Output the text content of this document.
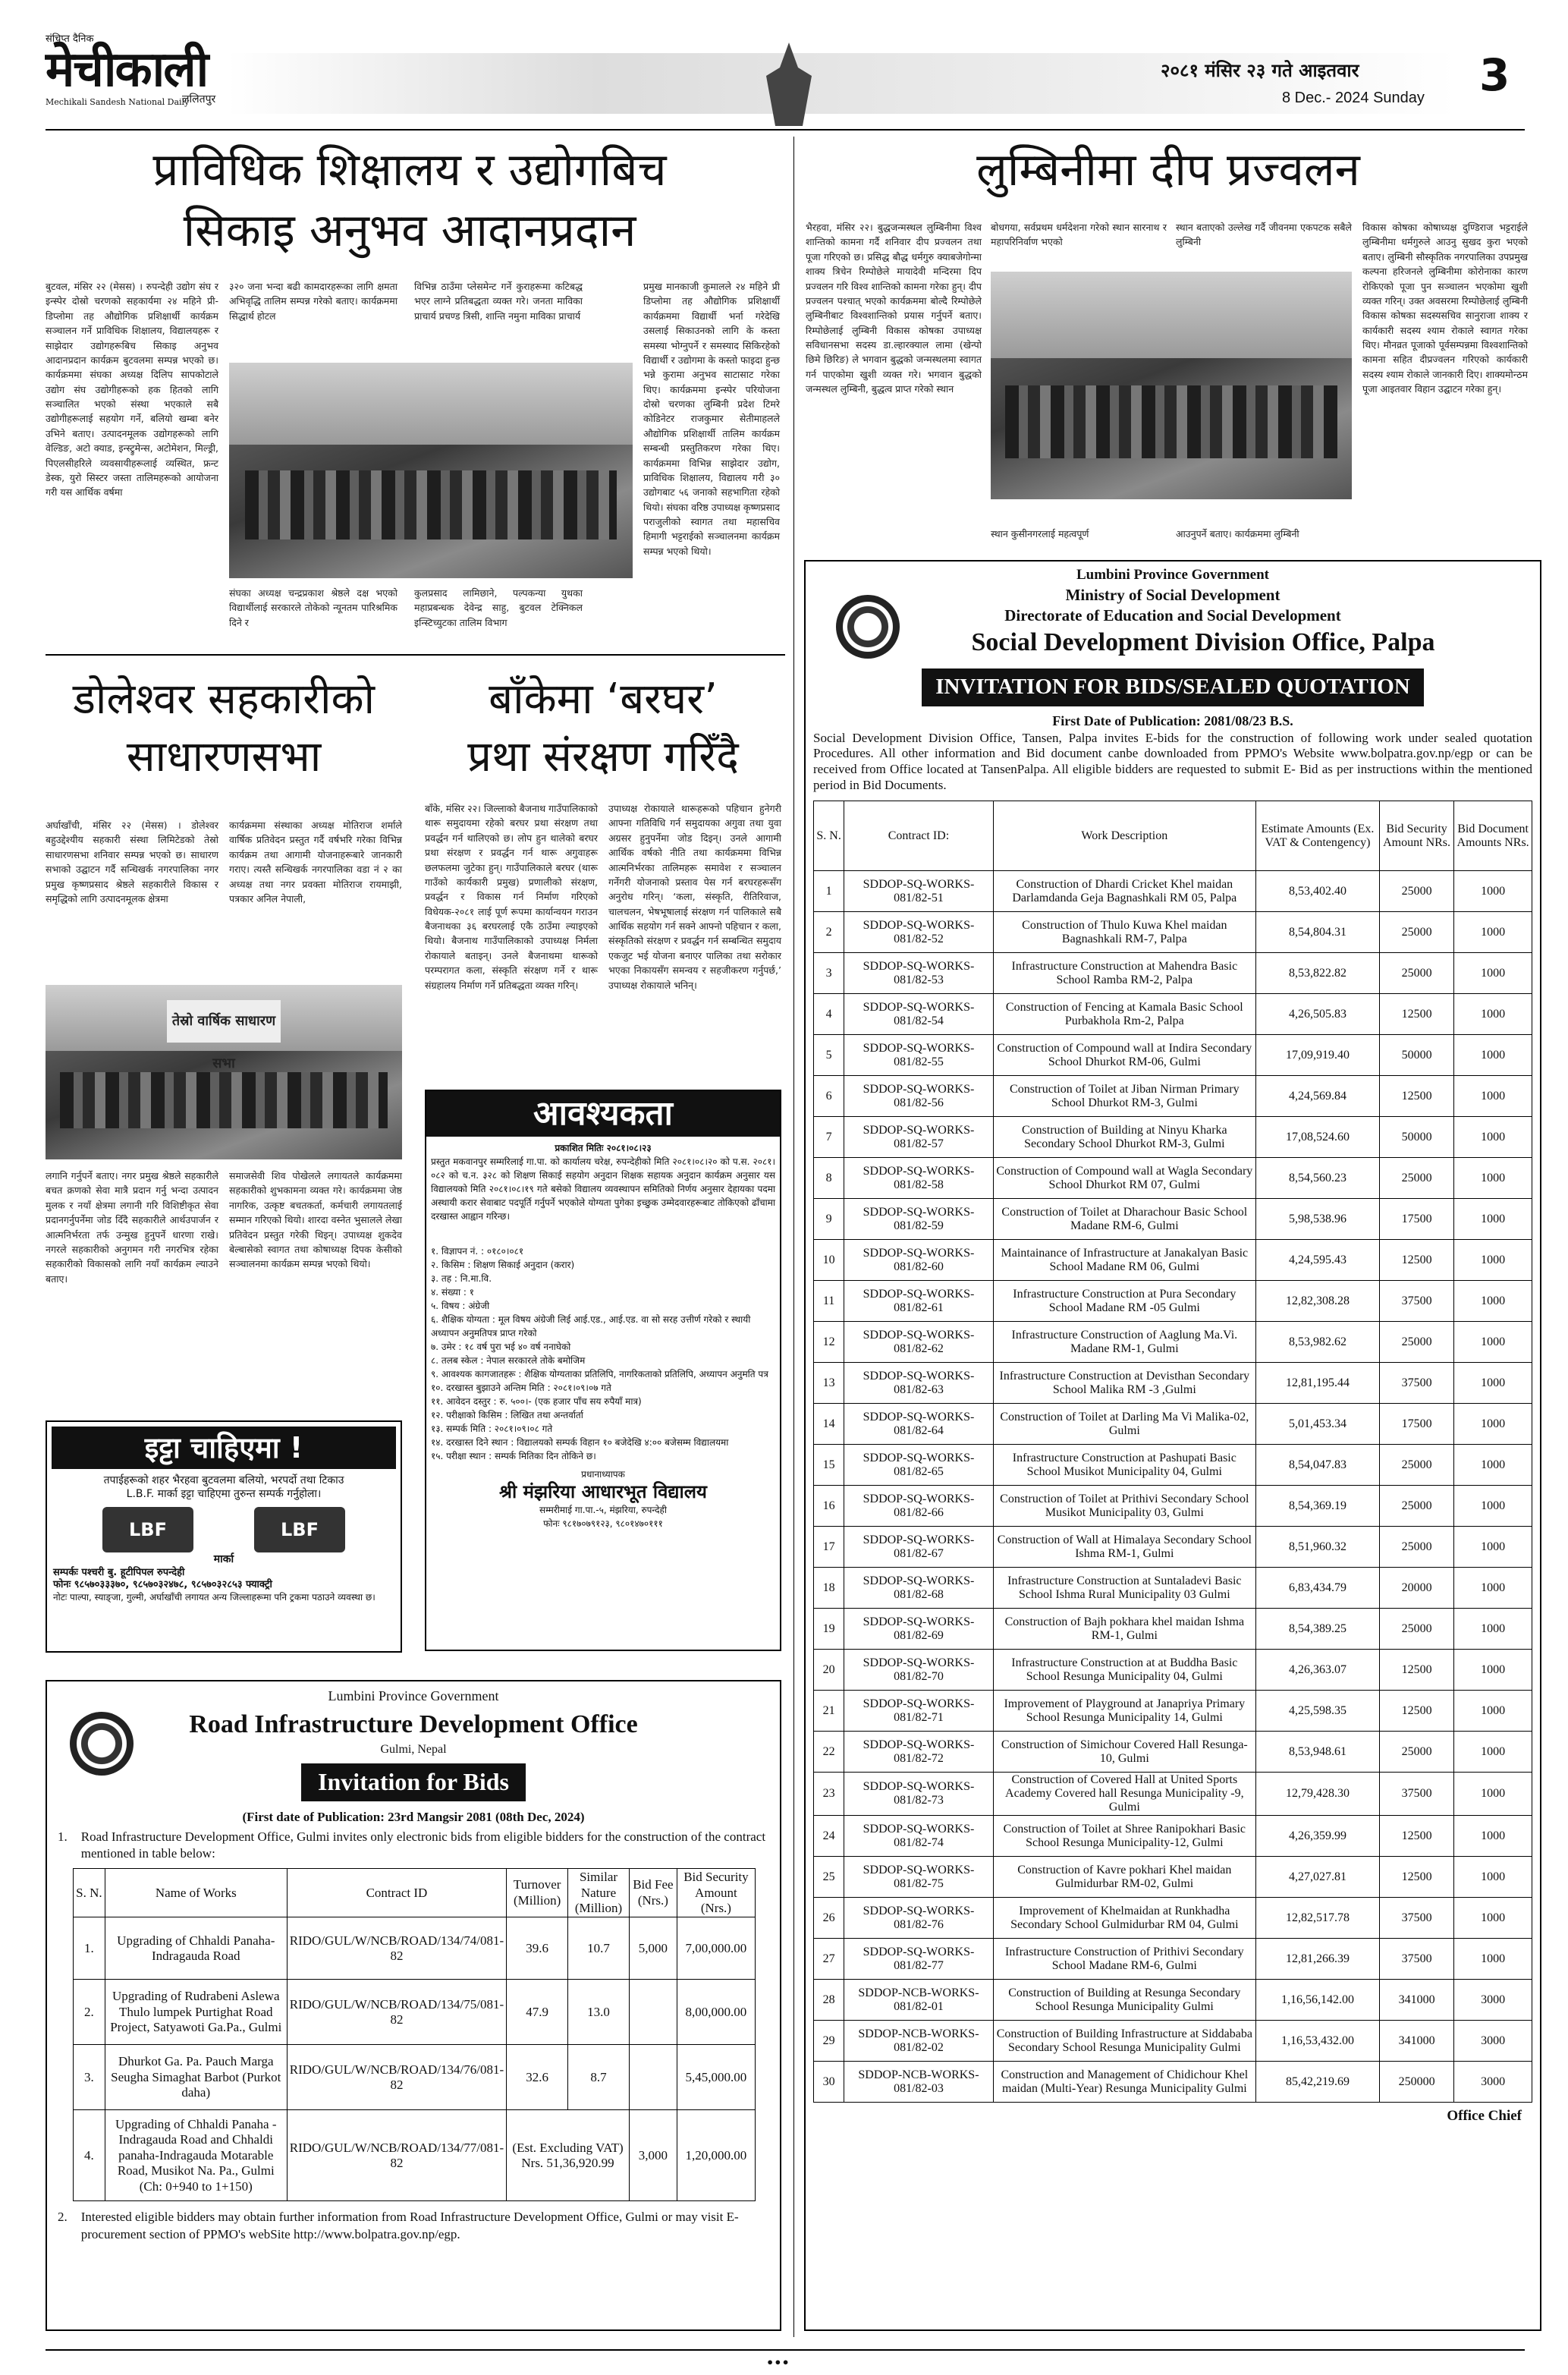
संचिप्त दैनिक
मेचीकाली
Mechikali Sandesh National Daily
ललितपुर
२०८१ मंसिर २३ गते आइतवार
8 Dec.- 2024 Sunday 3
प्राविधिक शिक्षालय र उद्योगबिच
सिकाइ अनुभव आदानप्रदान
बुटवल, मंसिर २२ (मेसस) । रुपन्देही उद्योग संघ र इन्स्पेर दोस्रो चरणको सहकार्यमा २४ महिने प्री-डिप्लोमा तह औद्योगिक प्रशिक्षार्थी कार्यक्रम सञ्चालन गर्ने प्राविधिक शिक्षालय, विद्यालयहरू र साझेदार उद्योगहरूबिच सिकाइ अनुभव आदानप्रदान कार्यक्रम बुटवलमा सम्पन्न भएको छ। कार्यक्रममा संघका अध्यक्ष दिलिप सापकोटाले उद्योग संघ उद्योगीहरूको हक हितको लागि सञ्चालित भएको संस्था भएकाले सबै उद्योगीहरूलाई सहयोग गर्ने, बलियो खम्बा बनेर उभिने बताए। उत्पादनमूलक उद्योगहरूको लागि वेल्डिङ, अटो क्याड, इन्स्ट्रुमेन्स, अटोमेशन, मिल्ड्री, पिएलसीहरिले व्यवसायीहरूलाई व्यस्थित, फ्रन्ट डेस्क, युरो सिस्टर जस्ता तालिमहरूको आयोजना गरी यस आर्थिक वर्षमा
३२० जना भन्दा बढी कामदारहरूका लागि क्षमता अभिवृद्धि तालिम सम्पन्न गरेको बताए। कार्यक्रममा सिद्धार्थ होटल
विभिन्न ठाउँमा प्लेसमेन्ट गर्ने कुराहरूमा कटिबद्ध भएर लाग्ने प्रतिबद्धता व्यक्त गरे। जनता माविका प्राचार्य प्रचण्ड त्रिसी, शान्ति नमुना माविका प्राचार्य
संघका अध्यक्ष चन्द्रप्रकाश श्रेष्ठले दक्ष भएको विद्यार्थीलाई सरकारले तोकेको न्यूनतम पारिश्रमिक दिने र
कुलप्रसाद लामिछाने, पल्पकन्या युथका महाप्रबन्धक देवेन्द्र साहु, बुटवल टेक्निकल इन्स्टिच्युटका तालिम विभाग
प्रमुख मानकाजी कुमालले २४ महिने प्री डिप्लोमा तह औद्योगिक प्रशिक्षार्थी कार्यक्रममा विद्यार्थी भर्ना गरेदेखि उसलाई सिकाउनको लागि के कस्ता समस्या भोग्नुपर्ने र समस्याद सिकिरहेको विद्यार्थी र उद्योगमा के कस्तो फाइदा हुन्छ भन्ने कुरामा अनुभव साटासाट गरेका थिए। कार्यक्रममा इन्स्पेर परियोजना दोस्रो चरणका लुम्बिनी प्रदेश टिमरे कोडिनेटर राजकुमार सेतीमाहलले औद्योगिक प्रशिक्षार्थी तालिम कार्यक्रम सम्बन्धी प्रस्तुतिकरण गरेका थिए। कार्यक्रममा विभिन्न साझेदार उद्योग, प्राविधिक शिक्षालय, विद्यालय गरी ३० उद्योगबाट ५६ जनाको सहभागिता रहेको थियो। संघका वरिष्ठ उपाध्यक्ष कृष्णप्रसाद पराजुलीको स्वागत तथा महासचिव हिमागी भट्टराईको सञ्चालनमा कार्यक्रम सम्पन्न भएको थियो।
डोलेश्वर सहकारीको
साधारणसभा
अर्घाखाँची, मंसिर २२ (मेसस) । डोलेश्वर बहुउद्देश्यीय सहकारी संस्था लिमिटेडको तेस्रो साधारणसभा शनिवार सम्पन्न भएको छ। साधारण सभाको उद्घाटन गर्दै सन्धिखर्क नगरपालिका नगर प्रमुख कृष्णप्रसाद श्रेष्ठले सहकारीले विकास र समृद्धिको लागि उत्पादनमूलक क्षेत्रमा
कार्यक्रममा संस्थाका अध्यक्ष मोतिराज शर्माले वार्षिक प्रतिवेदन प्रस्तुत गर्दै वर्षभरि गरेका विभिन्न कार्यक्रम तथा आगामी योजनाहरूबारे जानकारी गराए। त्यस्तै सन्धिखर्क नगरपालिका वडा नं २ का अध्यक्ष तथा नगर प्रवक्ता मोतिराज रायमाझी, पत्रकार अनिल नेपाली,
तेस्रो वार्षिक साधारण सभा
लगानि गर्नुपर्ने बताए। नगर प्रमुख श्रेष्ठले सहकारीले बचत क्रणको सेवा मात्रै प्रदान गर्नु भन्दा उत्पादन मुलक र नयाँ क्षेत्रमा लगानी गरि विशिष्टीकृत सेवा प्रदानगर्नुपर्नेमा जोड दिँदै सहकारीले आर्थउपार्जन र आत्मनिर्भरता तर्फ उन्मुख हुनुपर्ने धारणा राखे। नगरले सहकारीको अनुगमन गरी नगरभित्र रहेका सहकारीको विकासको लागि नयाँ कार्यक्रम ल्याउने बताए।
समाजसेवी शिव पोखेलले लगायतले कार्यक्रममा सहकारीको शुभकामना व्यक्त गरे। कार्यक्रममा जेष्ठ नागरिक, उत्कृष्ट बचतकर्ता, कर्मचारी लगायतलाई सम्मान गरिएको थियो। शारदा वस्नेत भुसालले लेखा प्रतिवेदन प्रस्तुत गरेकी थिइन्। उपाध्यक्ष शुकदेव बेल्बासेको स्वागत तथा कोषाध्यक्ष दिपक केसीको सञ्चालनमा कार्यक्रम सम्पन्न भएको थियो।
बाँकेमा ‘बरघर’
प्रथा संरक्षण गरिँदै
बाँके, मंसिर २२। जिल्लाको बैजनाथ गाउँपालिकाको थारू समुदायमा रहेको बरघर प्रथा संरक्षण तथा प्रवर्द्धन गर्न थालिएको छ। लोप हुन थालेको बरघर प्रथा संरक्षण र प्रवर्द्धन गर्न थारू अगुवाहरू छलफलमा जुटेका हुन्। गाउँपालिकाले बरघर (थारू गाउँको कार्यकारी प्रमुख) प्रणालीको संरक्षण, प्रवर्द्धन र विकास गर्न निर्माण गरिएको विधेयक-२०८१ लाई पूर्ण रूपमा कार्यान्वयन गराउन बैजनाथका ३६ बरघरलाई एकै ठाउँमा ल्याइएको थियो। बैजनाथ गाउँपालिकाको उपाध्यक्ष निर्मला रोकायाले बताइन्। उनले बैजनाथमा थारूको परम्परागत कला, संस्कृति संरक्षण गर्ने र थारू संग्रहालय निर्माण गर्ने प्रतिबद्धता व्यक्त गरिन्।
उपाध्यक्ष रोकायाले थारूहरूको पहिचान हुनेगरी आफ्ना गतिविधि गर्न समुदायका अगुवा तथा युवा अग्रसर हुनुपर्नेमा जोड दिइन्। उनले आगामी आर्थिक वर्षको नीति तथा कार्यक्रममा विभिन्न आत्मनिर्भरका तालिमहरू समावेश र सञ्चालन गर्नेगरी योजनाको प्रस्ताव पेस गर्न बरघरहरूसँग अनुरोध गरिन्। ‘कला, संस्कृति, रीतिरिवाज, चालचलन, भेषभूषालाई संरक्षण गर्न पालिकाले सबै आर्थिक सहयोग गर्न सक्ने आफ्नो पहिचान र कला, संस्कृतिको संरक्षण र प्रवर्द्धन गर्न सम्बन्धित समुदाय एकजुट भई योजना बनाएर पालिका तथा सरोकार भएका निकायसँग समन्वय र सहजीकरण गर्नुपर्छ,’ उपाध्यक्ष रोकायाले भनिन्।
आवश्यकता
प्रकाशित मितिः २०८१।०८।२३
प्रस्तुत मकवानपुर सम्मरिलाई गा.पा. को कार्यालय चरेक्ष, रुपन्देहीको मिति २०८१।०८।२० को प.स. २०८१।०८२ को च.न. ३२८ को शिक्षण सिकाई सहयोग अनुदान शिक्षक सहायक अनुदान कार्यक्रम अनुसार यस विद्यालयको मिति २०८१।०८।१९ गते बसेको विद्यालय व्यवस्थापन समितिको निर्णय अनुसार देहायका पदमा अस्थायी करार सेवाबाट पदपूर्ति गर्नुपर्ने भएकोले योग्यता पुगेका इच्छुक उम्मेदवारहरूबाट तोकिएको ढाँचामा दरखास्त आह्वान गरिन्छ।
१. विज्ञापन नं. : ०१८०।०८१
२. किसिम : शिक्षण सिकाई अनुदान (करार)
३. तह : नि.मा.वि.
४. संख्या : १
५. विषय : अंग्रेजी
६. शैक्षिक योग्यता : मूल विषय अंग्रेजी लिई आई.एड., आई.एड. वा सो सरह उत्तीर्ण गरेको र स्थायी अध्यापन अनुमतिपत्र प्राप्त गरेको
७. उमेर : १८ वर्ष पुरा भई ४० वर्ष ननाघेको
८. तलब स्केल : नेपाल सरकारले तोके बमोजिम
९. आवश्यक कागजातहरू : शैक्षिक योग्यताका प्रतिलिपि, नागरिकताको प्रतिलिपि, अध्यापन अनुमति पत्र
१०. दरखास्त बुझाउने अन्तिम मिति : २०८१।०९।०७ गते
११. आवेदन दस्तुर : रु. ५००।- (एक हजार पाँच सय रुपैयाँ मात्र)
१२. परीक्षाको किसिम : लिखित तथा अन्तर्वार्ता
१३. सम्पर्क मिति : २०८१।०९।०८ गते
१४. दरखास्त दिने स्थान : विद्यालयको सम्पर्क विहान १० बजेदेखि ४:०० बजेसम्म विद्यालयमा
१५. परीक्षा स्थान : सम्पर्क मितिका दिन तोकिने छ।
प्रधानाध्यापक
श्री मंझरिया आधारभूत विद्यालय
सम्मरीमाई गा.पा.-५, मंझरिया, रुपन्देही
फोनः ९८१७०७९१२३, ९८०१४७०१११
इट्टा चाहिएमा !
तपाईहरूको शहर भैरहवा बुटवलमा बलियो, भरपर्दो तथा टिकाउ
L.B.F. मार्का इट्टा चाहिएमा तुरुन्त सम्पर्क गर्नुहोला।
LBF	LBF
मार्का
सम्पर्कः पश्चरी बु. हूटीपिपल रुपन्देही
फोनः ९८५७०३३३७०, ९८५७०३२४७८, ९८५७०३२८५३ फ्याक्ट्री
नोटः पाल्पा, स्याङ्जा, गुल्मी, अर्घाखाँची लगायत अन्य जिल्लाहरूमा पनि ट्रकमा पठाउने व्यवस्था छ।
Lumbini Province Government
Road Infrastructure Development Office
Gulmi, Nepal
Invitation for Bids
(First date of Publication: 23rd Mangsir 2081 (08th Dec, 2024)
1. Road Infrastructure Development Office, Gulmi invites only electronic bids from eligible bidders for the construction of the contract mentioned in table below:
S. N.	Name of Works	Contract ID	Turnover (Million)	Similar Nature (Million)	Bid Fee (Nrs.)	Bid Security Amount (Nrs.)
1.	Upgrading of Chhaldi Panaha-Indragauda Road	RIDO/GUL/W/NCB/ROAD/134/74/081-82	39.6	10.7	5,000	7,00,000.00
2.	Upgrading of Rudrabeni Aslewa Thulo lumpek Purtighat Road Project, Satyawoti Ga.Pa., Gulmi	RIDO/GUL/W/NCB/ROAD/134/75/081-82	47.9	13.0		8,00,000.00
3.	Dhurkot Ga. Pa. Pauch Marga Seugha Simaghat Barbot (Purkot daha)	RIDO/GUL/W/NCB/ROAD/134/76/081-82	32.6	8.7		5,45,000.00
4.	Upgrading of Chhaldi Panaha -Indragauda Road and Chhaldi panaha-Indragauda Motarable Road, Musikot Na. Pa., Gulmi (Ch: 0+940 to 1+150)	RIDO/GUL/W/NCB/ROAD/134/77/081-82	(Est. Excluding VAT) Nrs. 51,36,920.99		3,000	1,20,000.00
2. Interested eligible bidders may obtain further information from Road Infrastructure Development Office, Gulmi or may visit E-procurement section of PPMO's webSite http://www.bolpatra.gov.np/egp.
लुम्बिनीमा दीप प्रज्वलन
भैरहवा, मंसिर २२। बुद्धजन्मस्थल लुम्बिनीमा विश्व शान्तिको कामना गर्दै शनिवार दीप प्रज्वलन तथा पूजा गरिएको छ। प्रसिद्ध बौद्ध धर्मगुरु क्याबजेगोन्मा शाक्य त्रिचेन रिम्पोछेले मायादेवी मन्दिरमा दिप प्रज्वलन गरि विश्व शान्तिको कामना गरेका हुन्। दीप प्रज्वलन पश्चात् भएको कार्यक्रममा बोल्दै रिम्पोछेले लुम्बिनीबाट विश्वशान्तिको प्रयास गर्नुपर्ने बताए। रिम्पोछेलाई लुम्बिनी विकास कोषका उपाध्यक्ष सविधानसभा सदस्य डा.ल्हारक्याल लामा (खेन्पो छिमे छिरिङ) ले भगवान बुद्धको जन्मस्थलमा स्वागत गर्न पाएकोमा खुशी व्यक्त गरे। भगवान बुद्धको जन्मस्थल लुम्बिनी, बुद्धत्व प्राप्त गरेको स्थान
बोधगया, सर्वप्रथम धर्मदेशना गरेको स्थान सारनाथ र महापरिनिर्वाण भएको
स्थान बताएको उल्लेख गर्दै जीवनमा एकपटक सबैले लुम्बिनी
स्थान कुसीनगरलाई महत्वपूर्ण	आउनुपर्ने बताए। कार्यक्रममा लुम्बिनी
विकास कोषका कोषाध्यक्ष दुण्डिराज भट्टराईले लुम्बिनीमा धर्मगुरुले आउनु सुखद कुरा भएको बताए। लुम्बिनी सौस्कृतिक नगरपालिका उपप्रमुख कल्पना हरिजनले लुम्बिनीमा कोरोनाका कारण रोकिएको पूजा पुन सञ्चालन भएकोमा खुशी व्यक्त गरिन्। उक्त अवसरमा रिम्पोछेलाई लुम्बिनी विकास कोषका सदस्यसचिव सानुराजा शाक्य र कार्यकारी सदस्य श्याम रोकाले स्वागत गरेका थिए। मौनव्रत पूजाको पूर्वसम्पन्नमा विश्वशान्तिको कामना सहित दीप्रज्वलन गरिएको कार्यकारी सदस्य श्याम रोकाले जानकारी दिए। शाक्यमोन्ठम पूजा आइतवार विहान उद्घाटन गरेका हुन्।
Lumbini Province Government
Ministry of Social Development
Directorate of Education and Social Development
Social Development Division Office, Palpa
INVITATION FOR BIDS/SEALED QUOTATION
First Date of Publication: 2081/08/23 B.S.
Social Development Division Office, Tansen, Palpa invites E-bids for the construction of following work under sealed quotation Procedures. All other information and Bid document canbe downloaded from PPMO's Website www.bolpatra.gov.np/egp or can be received from Office located at TansenPalpa. All eligible bidders are requested to submit E- Bid as per instructions within the mentioned period in Bid Documents.
S. N.	Contract ID:	Work Description	Estimate Amounts (Ex. VAT & Contengency)	Bid Security Amount NRs.	Bid Document Amounts NRs.
1	SDDOP-SQ-WORKS-081/82-51	Construction of Dhardi Cricket Khel maidan Darlamdanda Geja Bagnashkali RM 05, Palpa	8,53,402.40	25000	1000
2	SDDOP-SQ-WORKS-081/82-52	Construction of Thulo Kuwa Khel maidan Bagnashkali RM-7, Palpa	8,54,804.31	25000	1000
3	SDDOP-SQ-WORKS-081/82-53	Infrastructure Construction at Mahendra Basic School Ramba RM-2, Palpa	8,53,822.82	25000	1000
4	SDDOP-SQ-WORKS-081/82-54	Construction of Fencing at Kamala Basic School Purbakhola Rm-2, Palpa	4,26,505.83	12500	1000
5	SDDOP-SQ-WORKS-081/82-55	Construction of Compound wall at Indira Secondary School Dhurkot RM-06, Gulmi	17,09,919.40	50000	1000
6	SDDOP-SQ-WORKS-081/82-56	Construction of Toilet at Jiban Nirman Primary School Dhurkot RM-3, Gulmi	4,24,569.84	12500	1000
7	SDDOP-SQ-WORKS-081/82-57	Construction of Building at Ninyu Kharka Secondary School Dhurkot RM-3, Gulmi	17,08,524.60	50000	1000
8	SDDOP-SQ-WORKS-081/82-58	Construction of Compound wall at Wagla Secondary School Dhurkot RM 07, Gulmi	8,54,560.23	25000	1000
9	SDDOP-SQ-WORKS-081/82-59	Construction of Toilet at Dharachour Basic School Madane RM-6, Gulmi	5,98,538.96	17500	1000
10	SDDOP-SQ-WORKS-081/82-60	Maintainance of Infrastructure at Janakalyan Basic School Madane RM 06, Gulmi	4,24,595.43	12500	1000
11	SDDOP-SQ-WORKS-081/82-61	Infrastructure Construction at Pura Secondary School Madane RM -05 Gulmi	12,82,308.28	37500	1000
12	SDDOP-SQ-WORKS-081/82-62	Infrastructure Construction of Aaglung Ma.Vi. Madane RM-1, Gulmi	8,53,982.62	25000	1000
13	SDDOP-SQ-WORKS-081/82-63	Infrastructure Construction at Devisthan Secondary School Malika RM -3 ,Gulmi	12,81,195.44	37500	1000
14	SDDOP-SQ-WORKS-081/82-64	Construction of Toilet at Darling Ma Vi Malika-02, Gulmi	5,01,453.34	17500	1000
15	SDDOP-SQ-WORKS-081/82-65	Infrastructure Construction at Pashupati Basic School Musikot Municipality 04, Gulmi	8,54,047.83	25000	1000
16	SDDOP-SQ-WORKS-081/82-66	Construction of Toilet at Prithivi Secondary School Musikot Municipality 03, Gulmi	8,54,369.19	25000	1000
17	SDDOP-SQ-WORKS-081/82-67	Construction of Wall at Himalaya Secondary School Ishma RM-1, Gulmi	8,51,960.32	25000	1000
18	SDDOP-SQ-WORKS-081/82-68	Infrastructure Construction at Suntaladevi Basic School Ishma Rural Municipality 03 Gulmi	6,83,434.79	20000	1000
19	SDDOP-SQ-WORKS-081/82-69	Construction of Bajh pokhara khel maidan Ishma RM-1, Gulmi	8,54,389.25	25000	1000
20	SDDOP-SQ-WORKS-081/82-70	Infrastructure Construction at at Buddha Basic School Resunga Municipality 04, Gulmi	4,26,363.07	12500	1000
21	SDDOP-SQ-WORKS-081/82-71	Improvement of Playground at Janapriya Primary School Resunga Municipality 14, Gulmi	4,25,598.35	12500	1000
22	SDDOP-SQ-WORKS-081/82-72	Construction of Simichour Covered Hall Resunga-10, Gulmi	8,53,948.61	25000	1000
23	SDDOP-SQ-WORKS-081/82-73	Construction of Covered Hall at United Sports Academy Covered hall Resunga Municipality -9, Gulmi	12,79,428.30	37500	1000
24	SDDOP-SQ-WORKS-081/82-74	Construction of Toilet at Shree Ranipokhari Basic School Resunga Municipality-12, Gulmi	4,26,359.99	12500	1000
25	SDDOP-SQ-WORKS-081/82-75	Construction of Kavre pokhari Khel maidan Gulmidurbar RM-02, Gulmi	4,27,027.81	12500	1000
26	SDDOP-SQ-WORKS-081/82-76	Improvement of Khelmaidan at Runkhadha Secondary School Gulmidurbar RM 04, Gulmi	12,82,517.78	37500	1000
27	SDDOP-SQ-WORKS-081/82-77	Infrastructure Construction of Prithivi Secondary School Madane RM-6, Gulmi	12,81,266.39	37500	1000
28	SDDOP-NCB-WORKS-081/82-01	Construction of Building at Resunga Secondary School Resunga Municipality Gulmi	1,16,56,142.00	341000	3000
29	SDDOP-NCB-WORKS-081/82-02	Construction of Building Infrastructure at Siddababa Secondary School Resunga Municipality Gulmi	1,16,53,432.00	341000	3000
30	SDDOP-NCB-WORKS-081/82-03	Construction and Management of Chidichour Khel maidan (Multi-Year) Resunga Municipality Gulmi	85,42,219.69	250000	3000
Office Chief
•••
